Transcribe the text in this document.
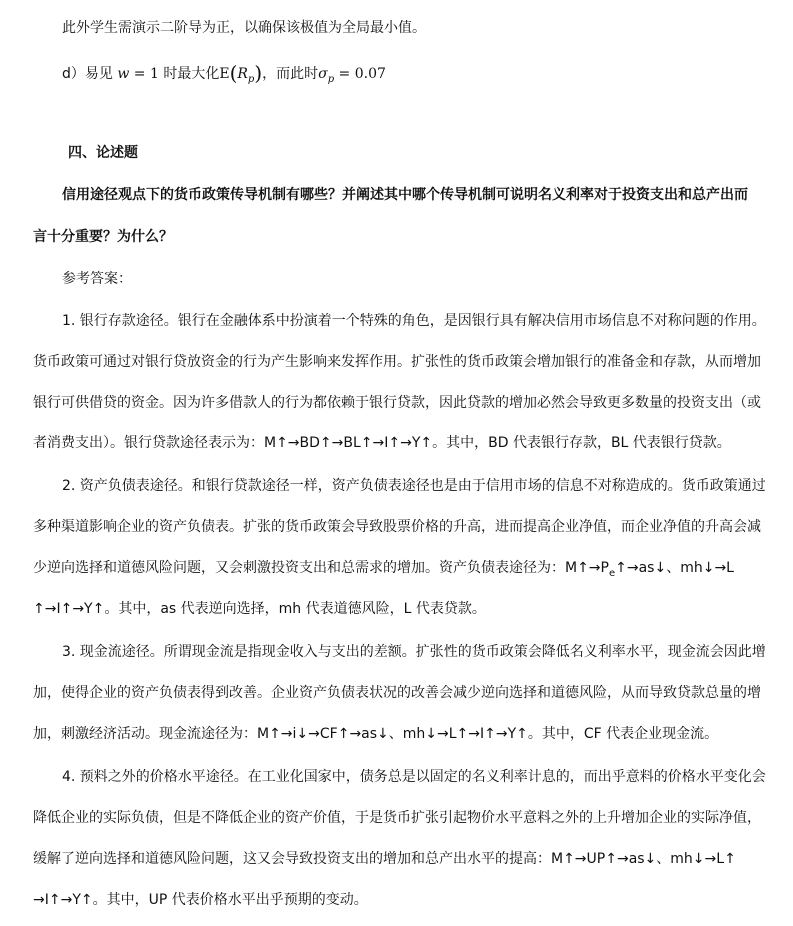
此外学生需演示二阶导为正，以确保该极值为全局最小值。
d）易见 w = 1 时最大化$E(R_p)$，而此时$\sigma_p = 0.07$
四、论述题
信用途径观点下的货币政策传导机制有哪些？并阐述其中哪个传导机制可说明名义利率对于投资支出和总产出而
言十分重要？为什么？
参考答案：
1. 银行存款途径。银行在金融体系中扮演着一个特殊的角色，是因银行具有解决信用市场信息不对称问题的作用。
货币政策可通过对银行贷放资金的行为产生影响来发挥作用。扩张性的货币政策会增加银行的准备金和存款，从而增加
银行可供借贷的资金。因为许多借款人的行为都依赖于银行贷款，因此贷款的增加必然会导致更多数量的投资支出（或
者消费支出）。银行贷款途径表示为：M↑→BD↑→BL↑→I↑→Y↑。其中，BD 代表银行存款，BL 代表银行贷款。
2. 资产负债表途径。和银行贷款途径一样，资产负债表途径也是由于信用市场的信息不对称造成的。货币政策通过
多种渠道影响企业的资产负债表。扩张的货币政策会导致股票价格的升高，进而提高企业净值，而企业净值的升高会减
少逆向选择和道德风险问题，又会刺激投资支出和总需求的增加。资产负债表途径为：$M↑\to P_e↑\to as↓$、mh↓→L
↑→I↑→Y↑。其中，as 代表逆向选择，mh 代表道德风险，L 代表贷款。
3. 现金流途径。所谓现金流是指现金收入与支出的差额。扩张性的货币政策会降低名义利率水平，现金流会因此增
加，使得企业的资产负债表得到改善。企业资产负债表状况的改善会减少逆向选择和道德风险，从而导致贷款总量的增
加，刺激经济活动。现金流途径为：M↑→i↓→CF↑→as↓、mh↓→L↑→I↑→Y↑。其中，CF 代表企业现金流。
4. 预料之外的价格水平途径。在工业化国家中，债务总是以固定的名义利率计息的，而出乎意料的价格水平变化会
降低企业的实际负债，但是不降低企业的资产价值，于是货币扩张引起物价水平意料之外的上升增加企业的实际净值，
缓解了逆向选择和道德风险问题，这又会导致投资支出的增加和总产出水平的提高：M↑→UP↑→as↓、mh↓→L↑
→I↑→Y↑。其中，UP 代表价格水平出乎预期的变动。
